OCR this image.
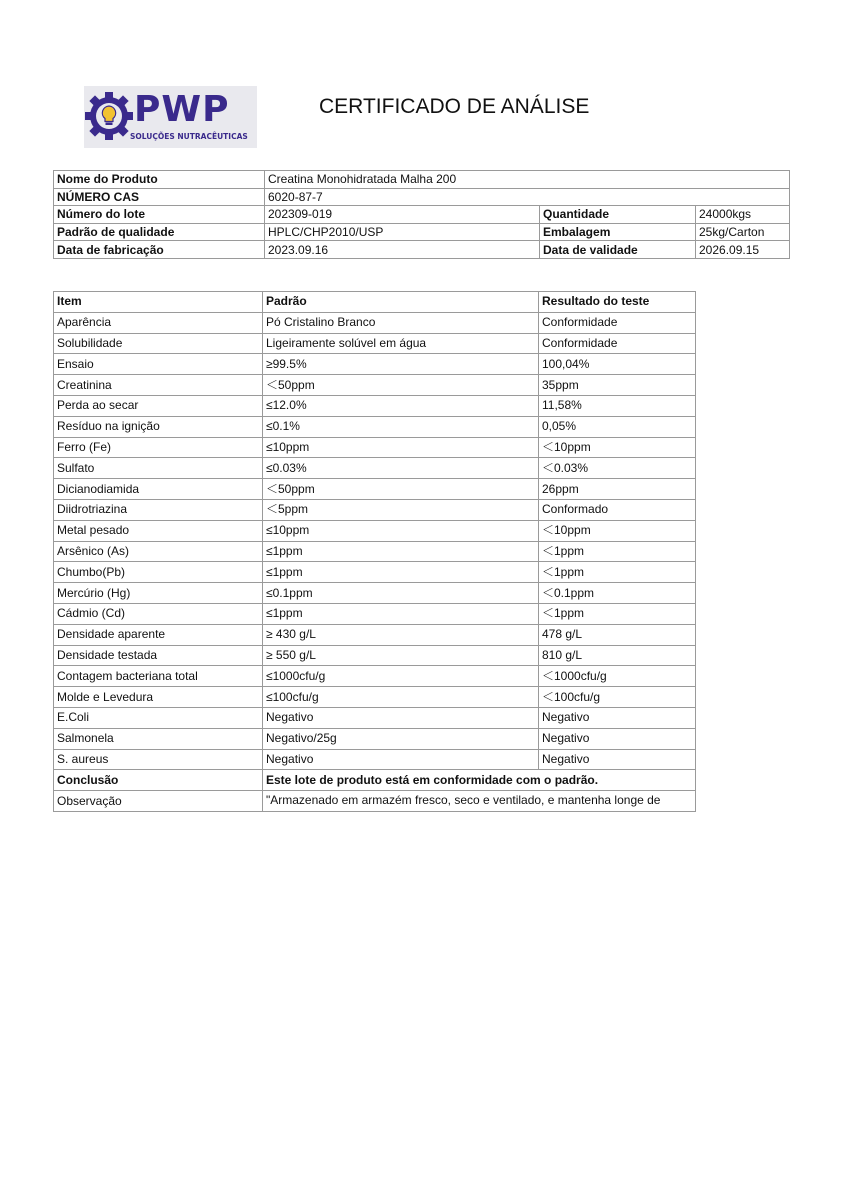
PWP
SOLUÇÕES NUTRACÊUTICAS
CERTIFICADO DE ANÁLISE
Nome do Produto	Creatina Monohidratada Malha 200		
NÚMERO CAS	6020-87-7		
Número do lote	202309-019	Quantidade	24000kgs
Padrão de qualidade	HPLC/CHP2010/USP	Embalagem	25kg/Carton
Data de fabricação	2023.09.16	Data de validade	2026.09.15
Item	Padrão	Resultado do teste
Aparência	Pó Cristalino Branco	Conformidade
Solubilidade	Ligeiramente solúvel em água	Conformidade
Ensaio	≥99.5%	100,04%
Creatinina	＜50ppm	35ppm
Perda ao secar	≤12.0%	11,58%
Resíduo na ignição	≤0.1%	0,05%
Ferro (Fe)	≤10ppm	＜10ppm
Sulfato	≤0.03%	＜0.03%
Dicianodiamida	＜50ppm	26ppm
Diidrotriazina	＜5ppm	Conformado
Metal pesado	≤10ppm	＜10ppm
Arsênico (As)	≤1ppm	＜1ppm
Chumbo(Pb)	≤1ppm	＜1ppm
Mercúrio (Hg)	≤0.1ppm	＜0.1ppm
Cádmio (Cd)	≤1ppm	＜1ppm
Densidade aparente	≥ 430 g/L	478 g/L
Densidade testada	≥ 550 g/L	810 g/L
Contagem bacteriana total	≤1000cfu/g	＜1000cfu/g
Molde e Levedura	≤100cfu/g	＜100cfu/g
E.Coli	Negativo	Negativo
Salmonela	Negativo/25g	Negativo
S. aureus	Negativo	Negativo
Conclusão	Este lote de produto está em conformidade com o padrão.	
Observação	"Armazenado em armazém fresco, seco e ventilado, e mantenha longe de	
